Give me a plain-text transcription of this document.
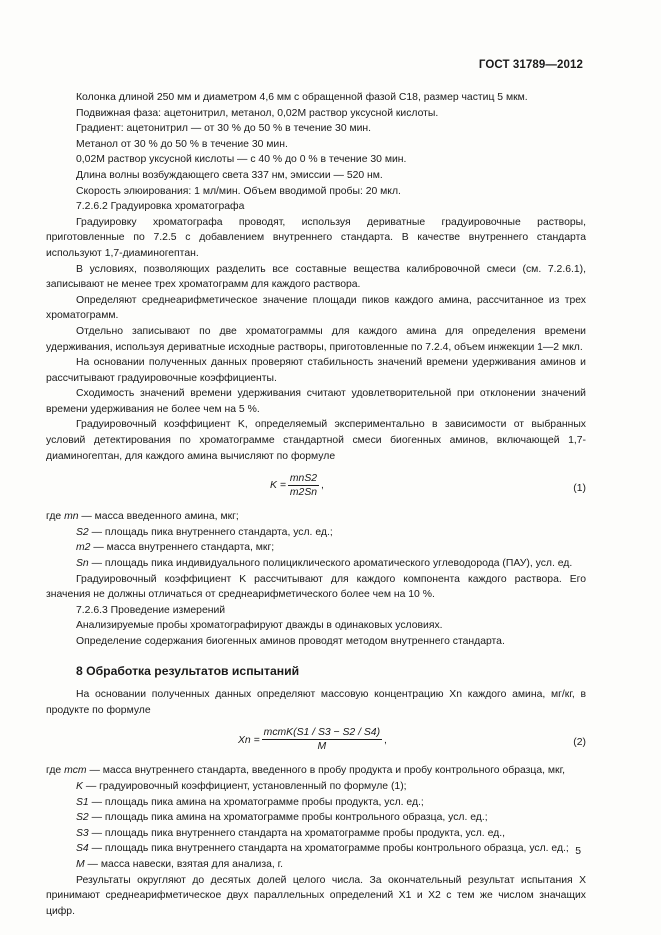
ГОСТ 31789—2012

Колонка длиной 250 мм и диаметром 4,6 мм с обращенной фазой C18, размер частиц 5 мкм.

Подвижная фаза: ацетонитрил, метанол, 0,02М раствор уксусной кислоты.

Градиент: ацетонитрил — от 30 % до 50 % в течение 30 мин.

Метанол от 30 % до 50 % в течение 30 мин.

0,02М раствор уксусной кислоты — с 40 % до 0 % в течение 30 мин.

Длина волны возбуждающего света 337 нм, эмиссии — 520 нм.

Скорость элюирования: 1 мл/мин. Объем вводимой пробы: 20 мкл.

7.2.6.2 Градуировка хроматографа

Градуировку хроматографа проводят, используя дериватные градуировочные растворы, приготовленные по 7.2.5 с добавлением внутреннего стандарта. В качестве внутреннего стандарта используют 1,7-диаминогептан.

В условиях, позволяющих разделить все составные вещества калибровочной смеси (см. 7.2.6.1), записывают не менее трех хроматограмм для каждого раствора.

Определяют среднеарифметическое значение площади пиков каждого амина, рассчитанное из трех хроматограмм.

Отдельно записывают по две хроматограммы для каждого амина для определения времени удерживания, используя дериватные исходные растворы, приготовленные по 7.2.4, объем инжекции 1—2 мкл.

На основании полученных данных проверяют стабильность значений времени удерживания аминов и рассчитывают градуировочные коэффициенты.

Сходимость значений времени удерживания считают удовлетворительной при отклонении значений времени удерживания не более чем на 5 %.

Градуировочный коэффициент K, определяемый экспериментально в зависимости от выбранных условий детектирования по хроматограмме стандартной смеси биогенных аминов, включающей 1,7-диаминогептан, для каждого амина вычисляют по формуле

$K = \frac{\text{mnS2}}{m2Sn}$ ,	(1)

где mn — масса введенного амина, мкг;

S2 — площадь пика внутреннего стандарта, усл. ед.;

m2 — масса внутреннего стандарта, мкг;

Sn — площадь пика индивидуального полициклического ароматического углеводорода (ПАУ), усл. ед.

Градуировочный коэффициент K рассчитывают для каждого компонента каждого раствора. Его значения не должны отличаться от среднеарифметического более чем на 10 %.

7.2.6.3 Проведение измерений

Анализируемые пробы хроматографируют дважды в одинаковых условиях.

Определение содержания биогенных аминов проводят методом внутреннего стандарта.

8 Обработка результатов испытаний

На основании полученных данных определяют массовую концентрацию Xn каждого амина, мг/кг, в продукте по формуле

$Xn = \frac{\text{mстK(S1 / S3 − S2 / S4)}}{M}$ ,	(2)

где mст — масса внутреннего стандарта, введенного в пробу продукта и пробу контрольного образца, мкг,

K — градуировочный коэффициент, установленный по формуле (1);

S1 — площадь пика амина на хроматограмме пробы продукта, усл. ед.;

S2 — площадь пика амина на хроматограмме пробы контрольного образца, усл. ед.;

S3 — площадь пика внутреннего стандарта на хроматограмме пробы продукта, усл. ед.,

S4 — площадь пика внутреннего стандарта на хроматограмме пробы контрольного образца, усл. ед.;

M — масса навески, взятая для анализа, г.

Результаты округляют до десятых долей целого числа. За окончательный результат испытания X принимают среднеарифметическое двух параллельных определений X1 и X2 с тем же числом значащих цифр.

5
